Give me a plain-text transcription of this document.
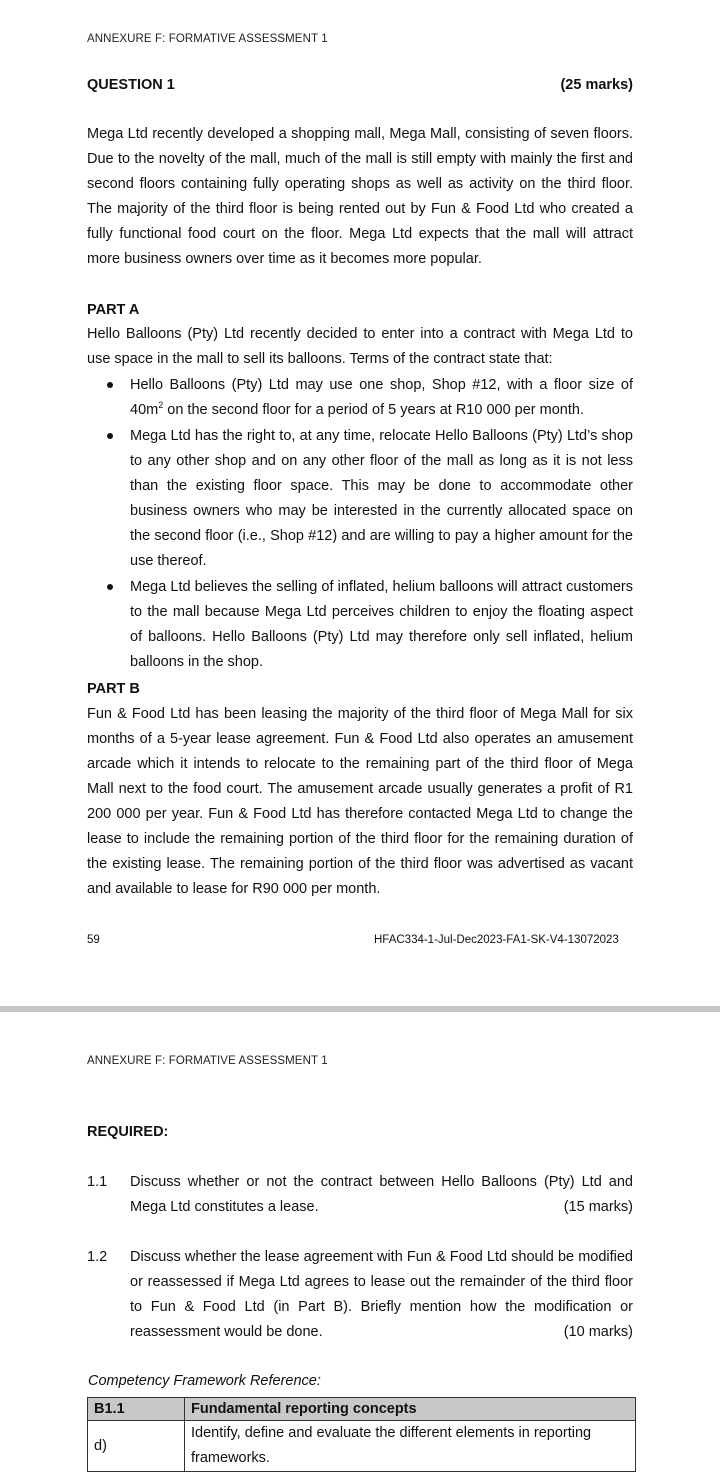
ANNEXURE F: FORMATIVE ASSESSMENT 1
QUESTION 1	(25 marks)

Mega Ltd recently developed a shopping mall, Mega Mall, consisting of seven floors. Due to the novelty of the mall, much of the mall is still empty with mainly the first and second floors containing fully operating shops as well as activity on the third floor. The majority of the third floor is being rented out by Fun & Food Ltd who created a fully functional food court on the floor. Mega Ltd expects that the mall will attract more business owners over time as it becomes more popular.

PART A

Hello Balloons (Pty) Ltd recently decided to enter into a contract with Mega Ltd to use space in the mall to sell its balloons. Terms of the contract state that:

Hello Balloons (Pty) Ltd may use one shop, Shop #12, with a floor size of $40m^2$ on the second floor for a period of 5 years at R10 000 per month.
Mega Ltd has the right to, at any time, relocate Hello Balloons (Pty) Ltd’s shop to any other shop and on any other floor of the mall as long as it is not less than the existing floor space. This may be done to accommodate other business owners who may be interested in the currently allocated space on the second floor (i.e., Shop #12) and are willing to pay a higher amount for the use thereof.
Mega Ltd believes the selling of inflated, helium balloons will attract customers to the mall because Mega Ltd perceives children to enjoy the floating aspect of balloons. Hello Balloons (Pty) Ltd may therefore only sell inflated, helium balloons in the shop.
PART B

Fun & Food Ltd has been leasing the majority of the third floor of Mega Mall for six months of a 5-year lease agreement. Fun & Food Ltd also operates an amusement arcade which it intends to relocate to the remaining part of the third floor of Mega Mall next to the food court. The amusement arcade usually generates a profit of R1 200 000 per year. Fun & Food Ltd has therefore contacted Mega Ltd to change the lease to include the remaining portion of the third floor for the remaining duration of the existing lease. The remaining portion of the third floor was advertised as vacant and available to lease for R90 000 per month.

59	HFAC334-1-Jul-Dec2023-FA1-SK-V4-13072023
ANNEXURE F: FORMATIVE ASSESSMENT 1
REQUIRED:
1.1 Discuss whether or not the contract between Hello Balloons (Pty) Ltd and Mega Ltd constitutes a lease.	(15 marks)
1.2 Discuss whether the lease agreement with Fun & Food Ltd should be modified or reassessed if Mega Ltd agrees to lease out the remainder of the third floor to Fun & Food Ltd (in Part B). Briefly mention how the modification or reassessment would be done.	(10 marks)
Competency Framework Reference:
B1.1	Fundamental reporting concepts
d)	Identify, define and evaluate the different elements in reporting frameworks.
